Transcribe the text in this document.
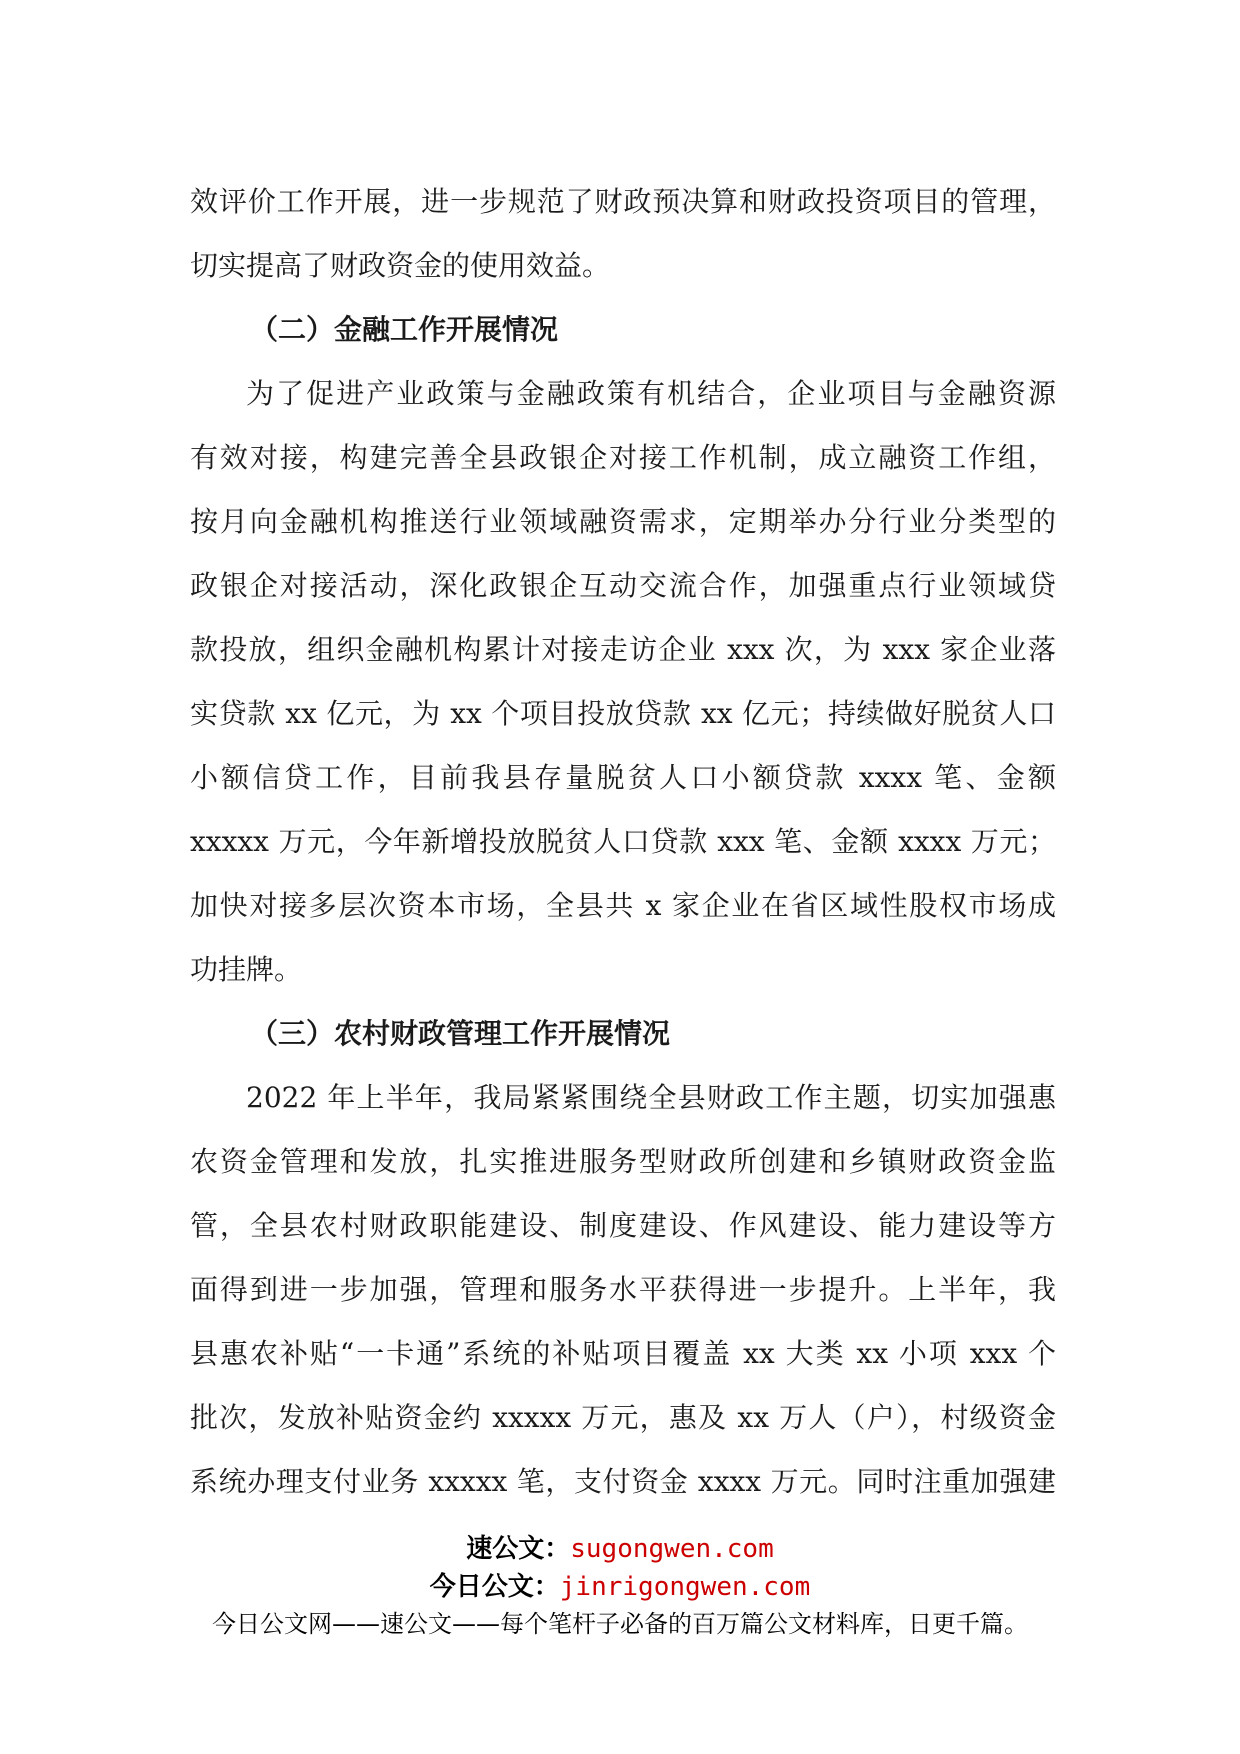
效评价工作开展，进一步规范了财政预决算和财政投资项目的管理，
切实提高了财政资金的使用效益。
（二）金融工作开展情况
为了促进产业政策与金融政策有机结合，企业项目与金融资源
有效对接，构建完善全县政银企对接工作机制，成立融资工作组，
按月向金融机构推送行业领域融资需求，定期举办分行业分类型的
政银企对接活动，深化政银企互动交流合作，加强重点行业领域贷
款投放，组织金融机构累计对接走访企业 xxx 次，为 xxx 家企业落
实贷款 xx 亿元，为 xx 个项目投放贷款 xx 亿元；持续做好脱贫人口
小额信贷工作，目前我县存量脱贫人口小额贷款 xxxx 笔、金额
xxxxx 万元，今年新增投放脱贫人口贷款 xxx 笔、金额 xxxx 万元；
加快对接多层次资本市场，全县共 x 家企业在省区域性股权市场成
功挂牌。
（三）农村财政管理工作开展情况
2022 年上半年，我局紧紧围绕全县财政工作主题，切实加强惠
农资金管理和发放，扎实推进服务型财政所创建和乡镇财政资金监
管，全县农村财政职能建设、制度建设、作风建设、能力建设等方
面得到进一步加强，管理和服务水平获得进一步提升。上半年，我
县惠农补贴“一卡通”系统的补贴项目覆盖 xx 大类 xx 小项 xxx 个
批次，发放补贴资金约 xxxxx 万元，惠及 xx 万人（户），村级资金
系统办理支付业务 xxxxx 笔，支付资金 xxxx 万元。同时注重加强建
速公文：sugongwen.com
今日公文：jinrigongwen.com
今日公文网——速公文——每个笔杆子必备的百万篇公文材料库，日更千篇。
